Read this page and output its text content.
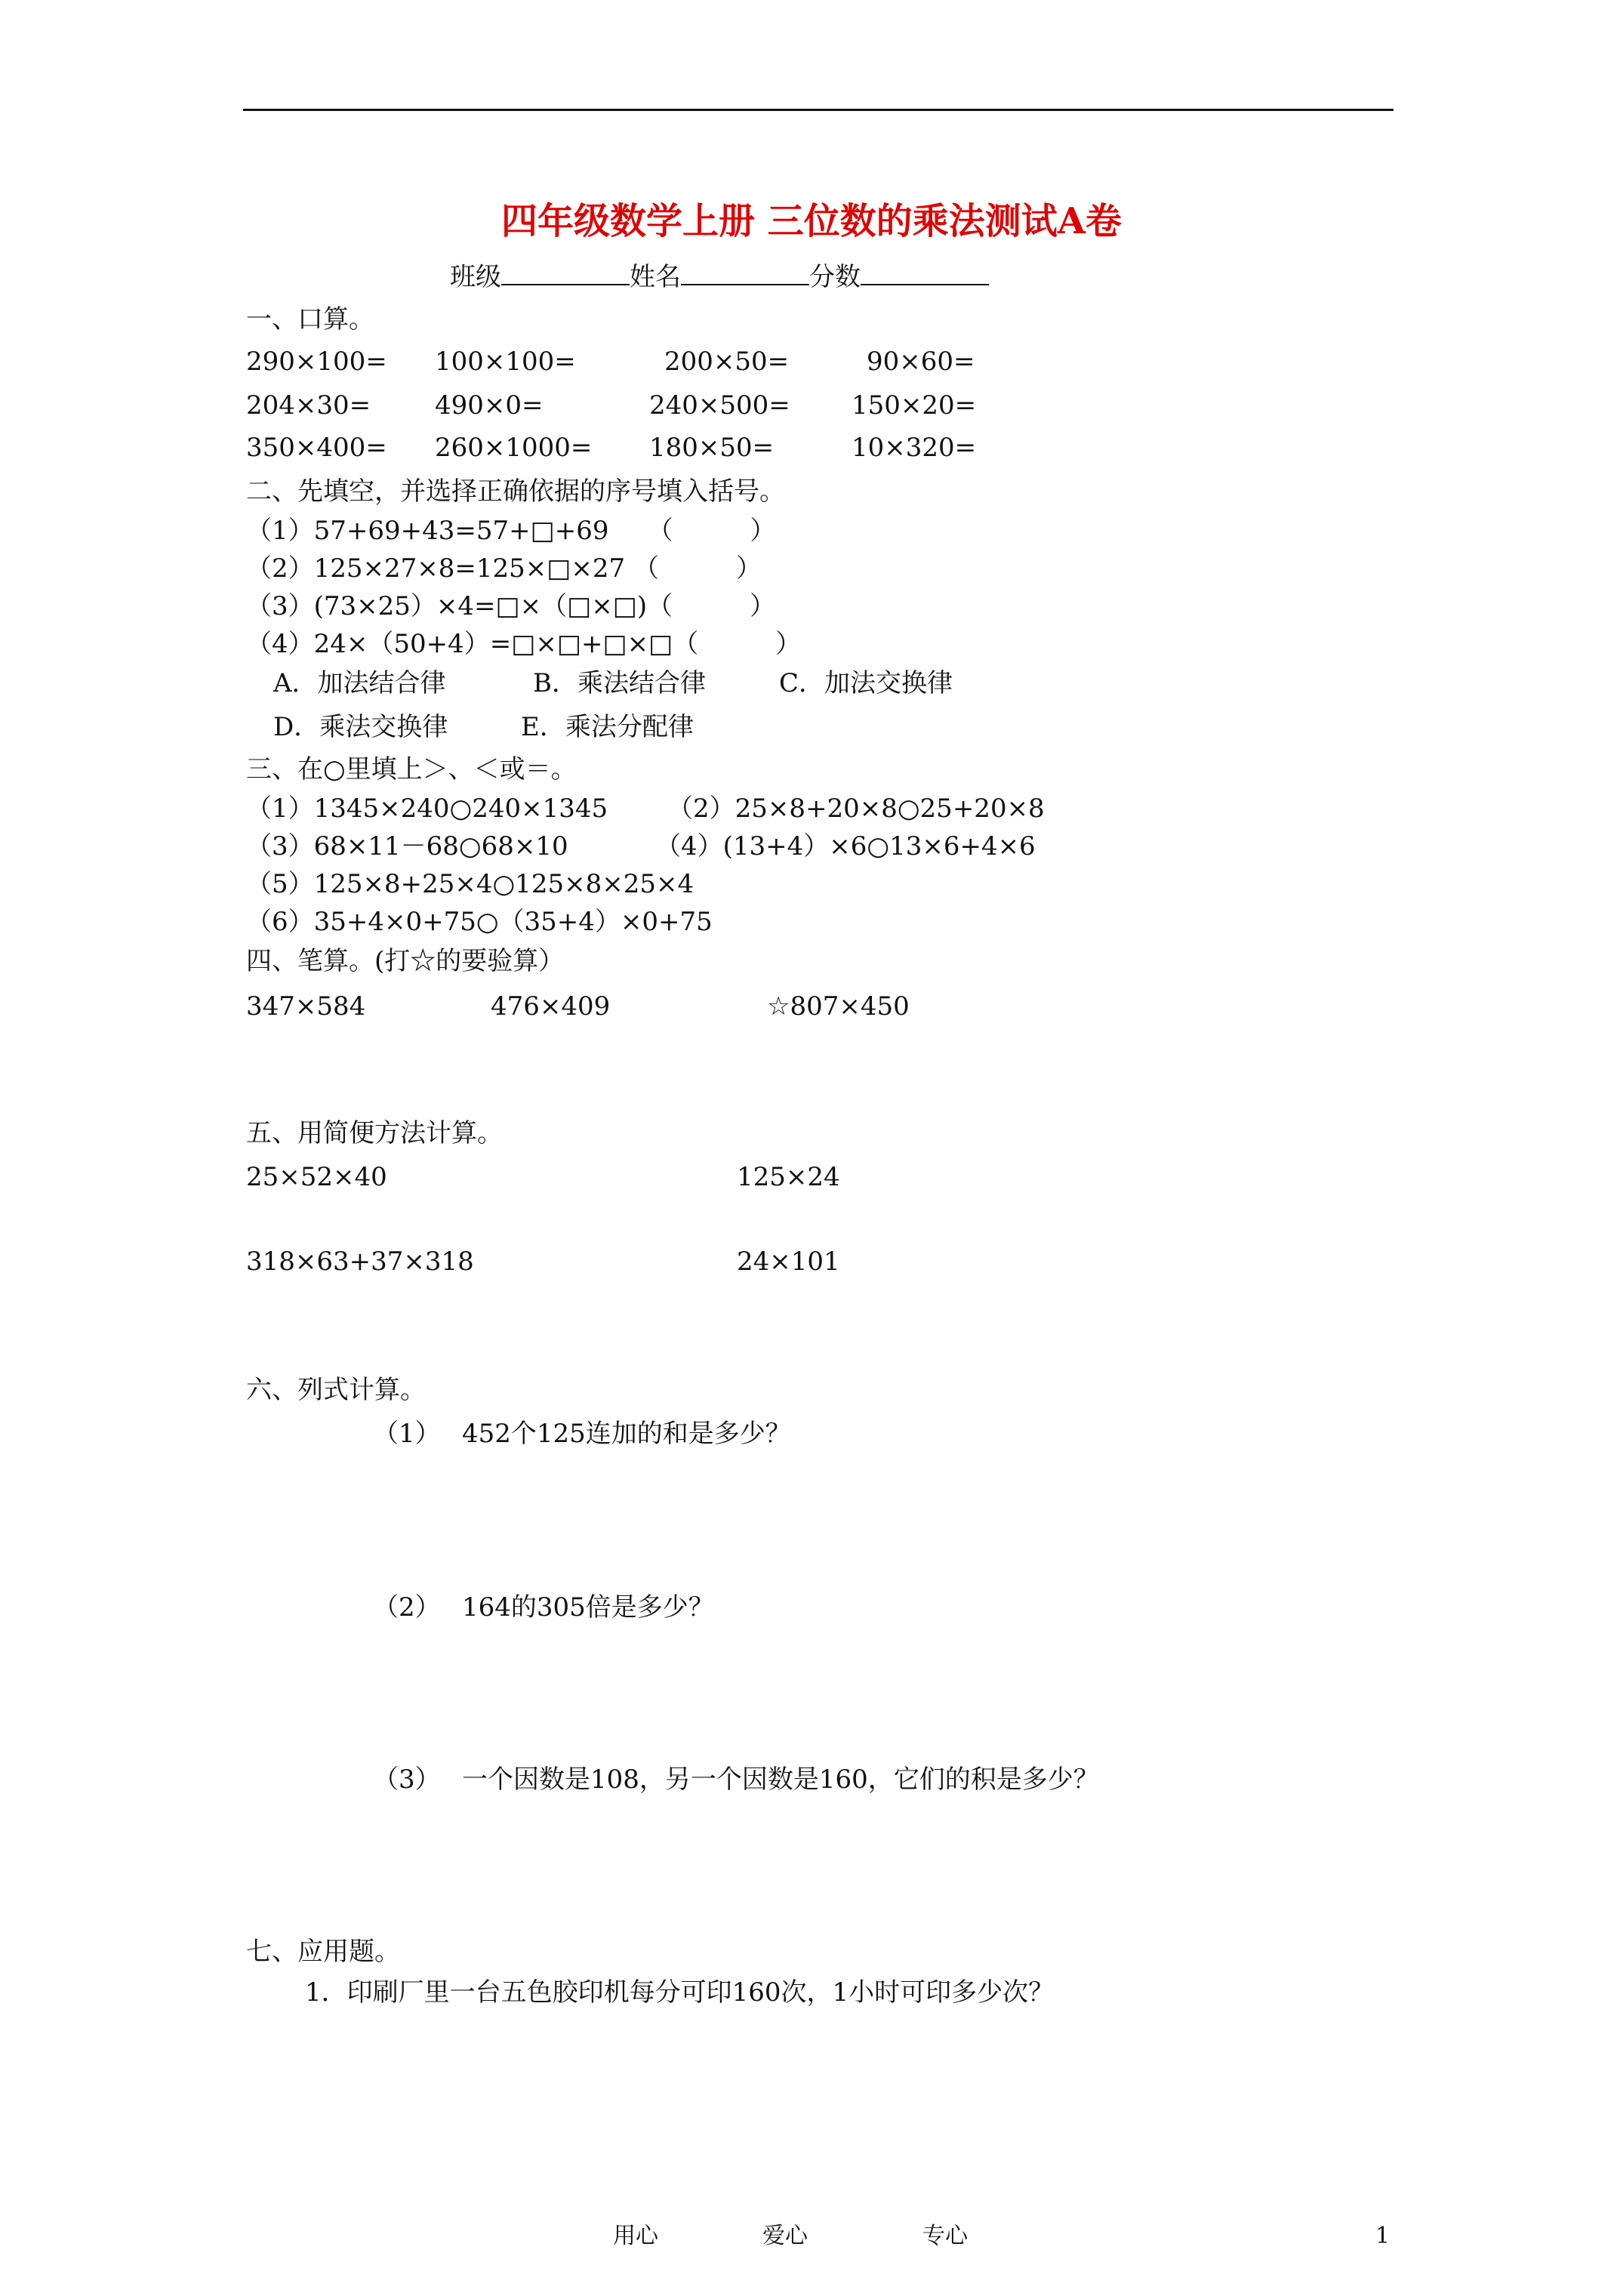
四年级数学上册 三位数的乘法测试A卷
班级	姓名	分数
一、口算。
290×100= 100×100=	200×50=	90×60=
204×30= 490×0=	240×500= 150×20=
350×400= 260×1000= 180×50=	10×320=
二、先填空，并选择正确依据的序号填入括号。
（1）57+69+43=57+□+69　　（　　　）
（2）125×27×8=125×□×27 （　　　）
（3）(73×25）×4=□×（□×□)（　　　）
（4）24×（50+4）=□×□+□×□（　　　）
A．加法结合律	B．乘法结合律	C．加法交换律
D．乘法交换律	E．乘法分配律
三、在○里填上＞、＜或＝。
（1）1345×240○240×1345 （2）25×8+20×8○25+20×8
（3）68×11－68○68×10	（4）(13+4）×6○13×6+4×6
（5）125×8+25×4○125×8×25×4
（6）35+4×0+75○（35+4）×0+75
四、笔算。(打☆的要验算）
347×584	476×409	☆807×450
五、用简便方法计算。
25×52×40	125×24
318×63+37×318	24×101
六、列式计算。
（1） 452个125连加的和是多少？
（2） 164的305倍是多少？
（3） 一个因数是108，另一个因数是160，它们的积是多少？
七、应用题。
1．印刷厂里一台五色胶印机每分可印160次，1小时可印多少次？
用心	爱心	专心	1
